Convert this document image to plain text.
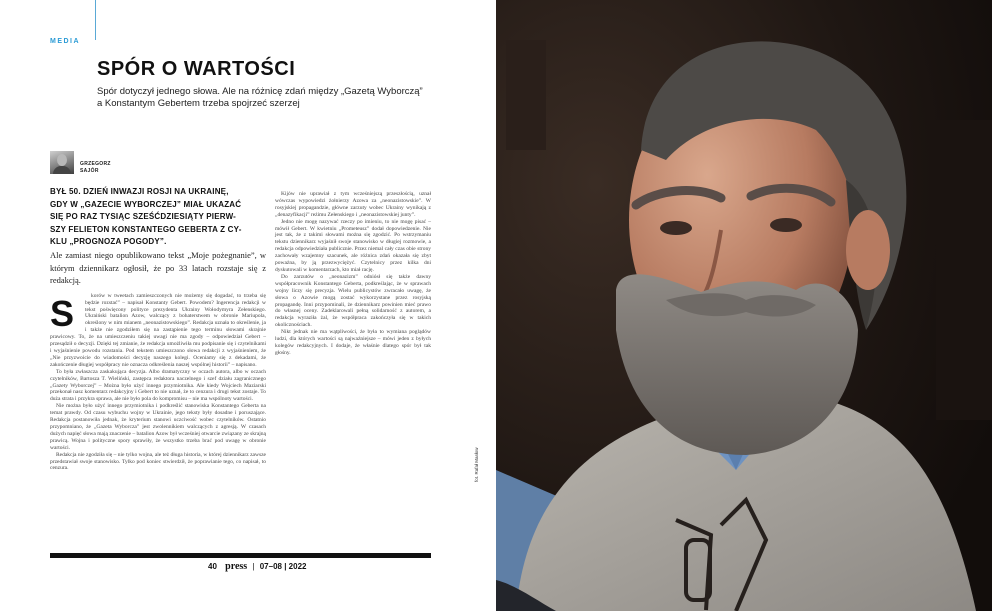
MEDIA
SPÓR O WARTOŚCI
Spór dotyczył jednego słowa. Ale na różnicę zdań między „Gazetą Wyborczą” a Konstantym Gebertem trzeba spojrzeć szerzej
GRZEGORZ
SAJÓR
BYŁ 50. DZIEŃ INWAZJI ROSJI NA UKRAINĘ,
GDY W „GAZECIE WYBORCZEJ” MIAŁ UKAZAĆ
SIĘ PO RAZ TYSIĄC SZEŚĆDZIESIĄTY PIERW-
SZY FELIETON KONSTANTEGO GEBERTA Z CY-
KLU „PROGNOZA POGODY”.
Ale zamiast niego opublikowano tekst „Moje pożegnanie”, w którym dziennikarz ogłosił, że po 33 latach rozstaje się z redakcją.
S	korów w tweetach zamieszczonych nie możemy się dogadać, to trzeba się będzie rozstać” – napisał Konstanty Gebert. Powodem? Ingerencja redakcji w tekst poświęcony polityce prezydenta Ukrainy Wołodymyra Zełenskiego. Ukraiński batalion Azow, walczący z bohaterstwem w obronie Mariupola, określony w nim mianem „neonazistowskiego”. Redakcja uznała to określenie, ja i także nie zgodziłem się na zastąpienie tego terminu słowami skrajnie prawicowy. To, że na umieszczeniu takiej uwagi nie ma zgody – odpowiedział Gebert – przesądził o decyzji. Dzięki tej zmianie, że redakcja umożliwiła mu podpisanie się i czytelnikami i wyjaśnienie powodu rozstania. Pod tekstem umieszczono słowa redakcji z wyjaśnieniem, że „Nie przyzwoicie do wiadomości decyzję naszego kolegi. Oceniamy się z dekadami, że zakończenie długiej współpracy nie oznacza odkreślenia naszej wspólnej historii” – napisano.

To była zwłaszcza zaskakująca decyzja. Albo dramatyczny w oczach autora, albo w oczach czytelników, Bartosza T. Wieliński, zastępca redaktora naczelnego i szef działu zagranicznego „Gazety Wyborczej” – Można było użyć innego przymiotnika. Ale kiedy Wojciech Maziarski przekonał nasz komentarz redakcyjny i Gebert to nie uznał, że to cenzura i drugi tekst zostaje. To duża strata i przykra sprawa, ale nie było pola do kompromisu – nie ma wspólnoty wartości.

Nie można było użyć innego przymiotnika i podkreślić stanowiska Konstantego Geberta na temat prawdy. Od czasu wybuchu wojny w Ukrainie, jego teksty były dosadne i poruszające. Redakcja postanowiła jednak, że kryterium stanowi uczciwość wobec czytelników. Ostatnio przypomniano, że „Gazeta Wyborcza” jest zwolennikiem walczących z agresją. W czasach dużych napięć słowa mają znaczenie – batalion Azow był wcześniej otwarcie związany ze skrajną prawicą. Wojna i polityczne spory sprawiły, że wszystko trzeba brać pod uwagę w obronie wartości.

Redakcja nie zgodziła się – nie tylko wojna, ale też długa historia, w której dziennikarz zawsze przedstawiał swoje stanowisko. Tylko pod koniec stwierdził, że poprawianie tego, co napisał, to cenzura.

Kijów nie uprawiał z tym wcześniejszą przeszłością, uznał wówczas wypowiedzi żołnierzy Azowa za „neonazistowskie”. W rosyjskiej propagandzie, główne zarzuty wobec Ukrainy wynikają z „denazyfikacji” reżimu Zełenskiego i „neonazistowskiej junty”.

Jedno nie mogę nazywać rzeczy po imieniu, to nie mogę pisać – mówił Gebert. W kwietniu „Prometeusz” dodał dopowiedzenie. Nie jest tak, że z takimi słowami można się zgodzić. Po wstrzymaniu tekstu dziennikarz wyjaśnił swoje stanowisko w długiej rozmowie, a redakcja odpowiedziała publicznie. Przez niemal cały czas obie strony zachowały wzajemny szacunek, ale różnica zdań okazała się zbyt poważna, by ją przezwyciężyć. Czytelnicy przez kilka dni dyskutowali w komentarzach, kto miał rację.

Do zarzutów o „neonazizm” odniósł się także dawny współpracownik Konstantego Geberta, podkreślając, że w sprawach wojny liczy się precyzja. Wielu publicystów zwracało uwagę, że słowa o Azowie mogą zostać wykorzystane przez rosyjską propagandę. Inni przypominali, że dziennikarz powinien mieć prawo do własnej oceny. Zadeklarowali pełną solidarność z autorem, a redakcja wyraziła żal, że współpraca zakończyła się w takich okolicznościach.

Nikt jednak nie ma wątpliwości, że była to wymiana poglądów ludzi, dla których wartości są najważniejsze – mówi jeden z byłych kolegów redakcyjnych. I dodaje, że właśnie dlatego spór był tak głośny.

fot. Rafał Masłow
40 press | 07–08 | 2022
